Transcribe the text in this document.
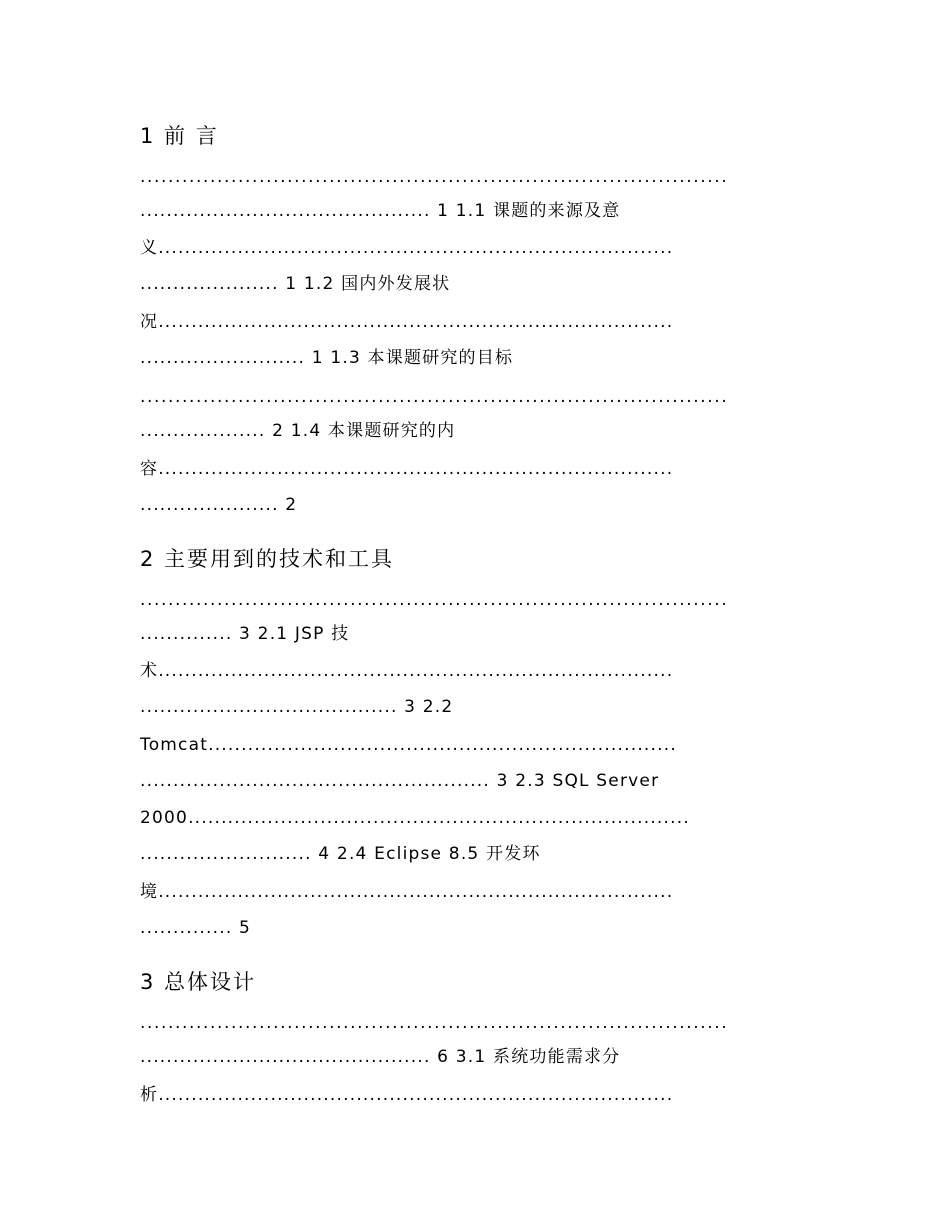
1 前 言
....................................................................................
............................................ 1 1.1 课题的来源及意
义..............................................................................
..................... 1 1.2 国内外发展状
况..............................................................................
......................... 1 1.3 本课题研究的目标
....................................................................................
................... 2 1.4 本课题研究的内
容..............................................................................
..................... 2
2 主要用到的技术和工具
....................................................................................
.............. 3 2.1 JSP 技
术..............................................................................
....................................... 3 2.2
Tomcat.......................................................................
..................................................... 3 2.3 SQL Server
2000............................................................................
.......................... 4 2.4 Eclipse 8.5 开发环
境..............................................................................
.............. 5
3 总体设计
....................................................................................
............................................ 6 3.1 系统功能需求分
析..............................................................................
